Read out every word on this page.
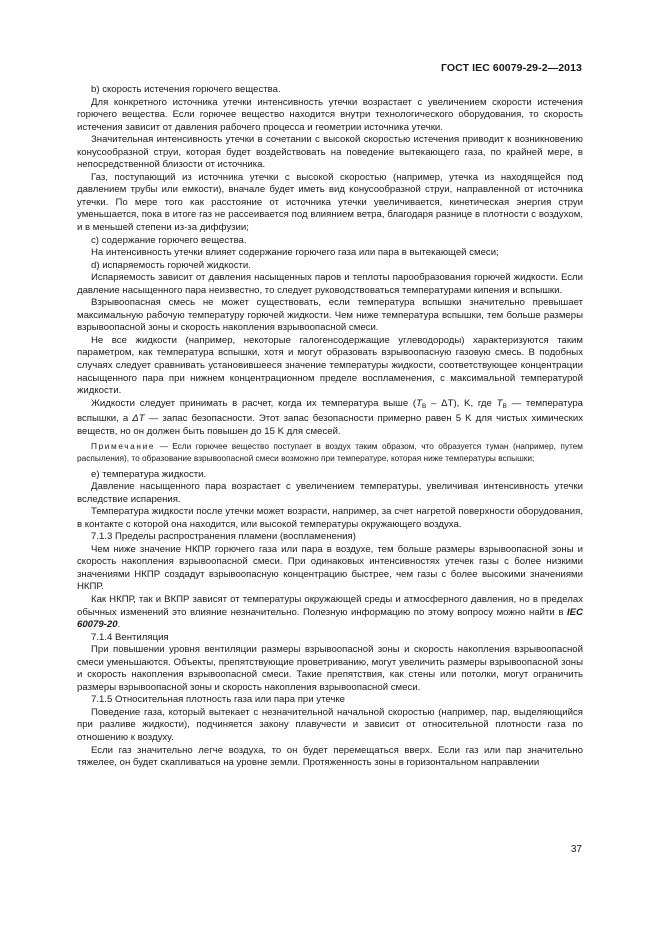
ГОСТ IEC 60079-29-2—2013

b) скорость истечения горючего вещества.

Для конкретного источника утечки интенсивность утечки возрастает с увеличением скорости истечения горючего вещества. Если горючее вещество находится внутри технологического оборудования, то скорость истечения зависит от давления рабочего процесса и геометрии источника утечки.

Значительная интенсивность утечки в сочетании с высокой скоростью истечения приводит к возникновению конусообразной струи, которая будет воздействовать на поведение вытекающего газа, по крайней мере, в непосредственной близости от источника.

Газ, поступающий из источника утечки с высокой скоростью (например, утечка из находящейся под давлением трубы или емкости), вначале будет иметь вид конусообразной струи, направленной от источника утечки. По мере того как расстояние от источника утечки увеличивается, кинетическая энергия струи уменьшается, пока в итоге газ не рассеивается под влиянием ветра, благодаря разнице в плотности с воздухом, и в меньшей степени из-за диффузии;

c) содержание горючего вещества.

На интенсивность утечки влияет содержание горючего газа или пара в вытекающей смеси;

d) испаряемость горючей жидкости.

Испаряемость зависит от давления насыщенных паров и теплоты парообразования горючей жидкости. Если давление насыщенного пара неизвестно, то следует руководствоваться температурами кипения и вспышки.

Взрывоопасная смесь не может существовать, если температура вспышки значительно превышает максимальную рабочую температуру горючей жидкости. Чем ниже температура вспышки, тем больше размеры взрывоопасной зоны и скорость накопления взрывоопасной смеси.

Не все жидкости (например, некоторые галогенсодержащие углеводороды) характеризуются таким параметром, как температура вспышки, хотя и могут образовать взрывоопасную газовую смесь. В подобных случаях следует сравнивать установившееся значение температуры жидкости, соответствующее концентрации насыщенного пара при нижнем концентрационном пределе воспламенения, с максимальной температурой жидкости.

Жидкости следует принимать в расчет, когда их температура выше $(T_В - \Delta T)$, K, где $T_В$ — температура вспышки, а ΔT — запас безопасности. Этот запас безопасности примерно равен 5 K для чистых химических веществ, но он должен быть повышен до 15 K для смесей.

Примечание — Если горючее вещество поступает в воздух таким образом, что образуется туман (например, путем распыления), то образование взрывоопасной смеси возможно при температуре, которая ниже температуры вспышки;

e) температура жидкости.

Давление насыщенного пара возрастает с увеличением температуры, увеличивая интенсивность утечки вследствие испарения.

Температура жидкости после утечки может возрасти, например, за счет нагретой поверхности оборудования, в контакте с которой она находится, или высокой температуры окружающего воздуха.

7.1.3 Пределы распространения пламени (воспламенения)

Чем ниже значение НКПР горючего газа или пара в воздухе, тем больше размеры взрывоопасной зоны и скорость накопления взрывоопасной смеси. При одинаковых интенсивностях утечек газы с более низкими значениями НКПР создадут взрывоопасную концентрацию быстрее, чем газы с более высокими значениями НКПР.

Как НКПР, так и ВКПР зависят от температуры окружающей среды и атмосферного давления, но в пределах обычных изменений это влияние незначительно. Полезную информацию по этому вопросу можно найти в IEC 60079-20.

7.1.4 Вентиляция

При повышении уровня вентиляции размеры взрывоопасной зоны и скорость накопления взрывоопасной смеси уменьшаются. Объекты, препятствующие проветриванию, могут увеличить размеры взрывоопасной зоны и скорость накопления взрывоопасной смеси. Такие препятствия, как стены или потолки, могут ограничить размеры взрывоопасной зоны и скорость накопления взрывоопасной смеси.

7.1.5 Относительная плотность газа или пара при утечке

Поведение газа, который вытекает с незначительной начальной скоростью (например, пар, выделяющийся при разливе жидкости), подчиняется закону плавучести и зависит от относительной плотности газа по отношению к воздуху.

Если газ значительно легче воздуха, то он будет перемещаться вверх. Если газ или пар значительно тяжелее, он будет скапливаться на уровне земли. Протяженность зоны в горизонтальном направлении

37
